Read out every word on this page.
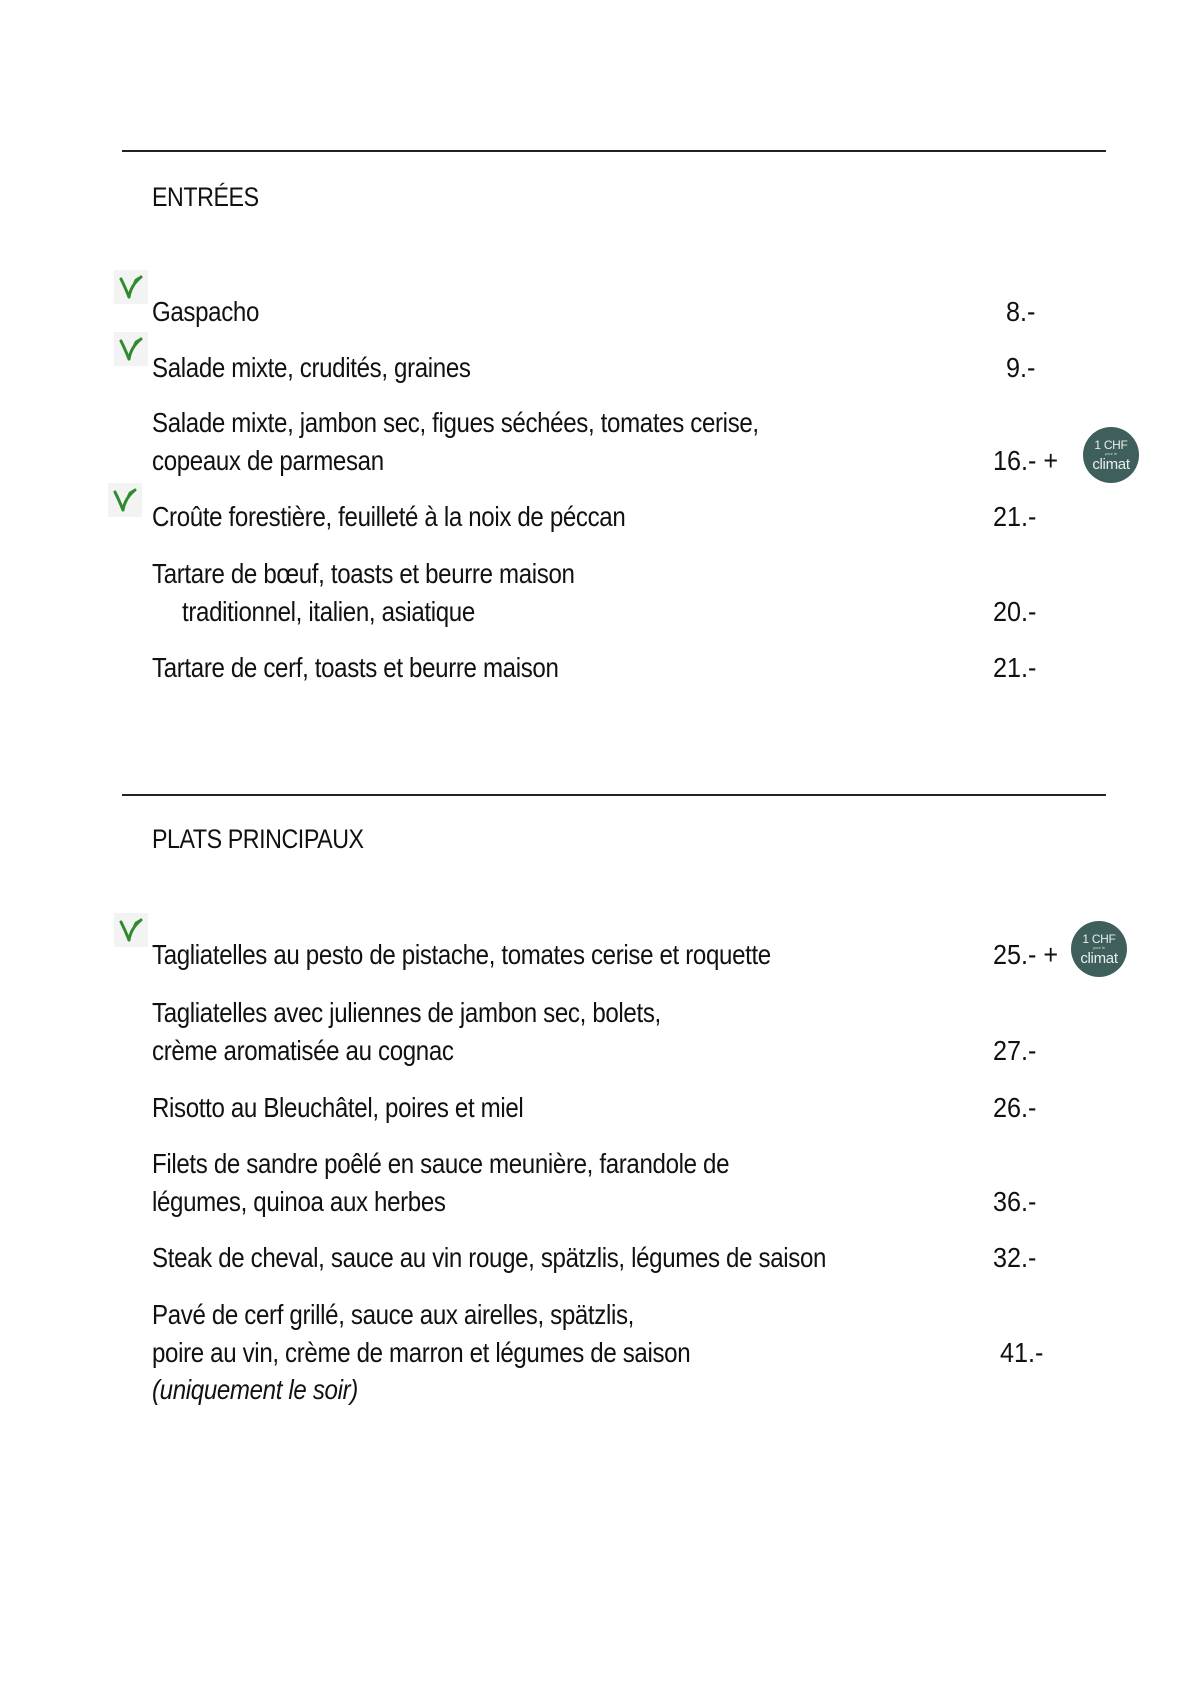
ENTRÉES
Gaspacho	8.-
Salade mixte, crudités, graines	9.-
Salade mixte, jambon sec, figues séchées, tomates cerise,
copeaux de parmesan	16.- +
1 CHF
pour le
climat
Croûte forestière, feuilleté à la noix de péccan	21.-
Tartare de bœuf, toasts et beurre maison
traditionnel, italien, asiatique	20.-
Tartare de cerf, toasts et beurre maison	21.-
PLATS PRINCIPAUX
Tagliatelles au pesto de pistache, tomates cerise et roquette	25.- +
1 CHF
pour le
climat
Tagliatelles avec juliennes de jambon sec, bolets,
crème aromatisée au cognac	27.-
Risotto au Bleuchâtel, poires et miel	26.-
Filets de sandre poêlé en sauce meunière, farandole de
légumes, quinoa aux herbes	36.-
Steak de cheval, sauce au vin rouge, spätzlis, légumes de saison	32.-
Pavé de cerf grillé, sauce aux airelles, spätzlis,
poire au vin, crème de marron et légumes de saison	41.-
(uniquement le soir)
